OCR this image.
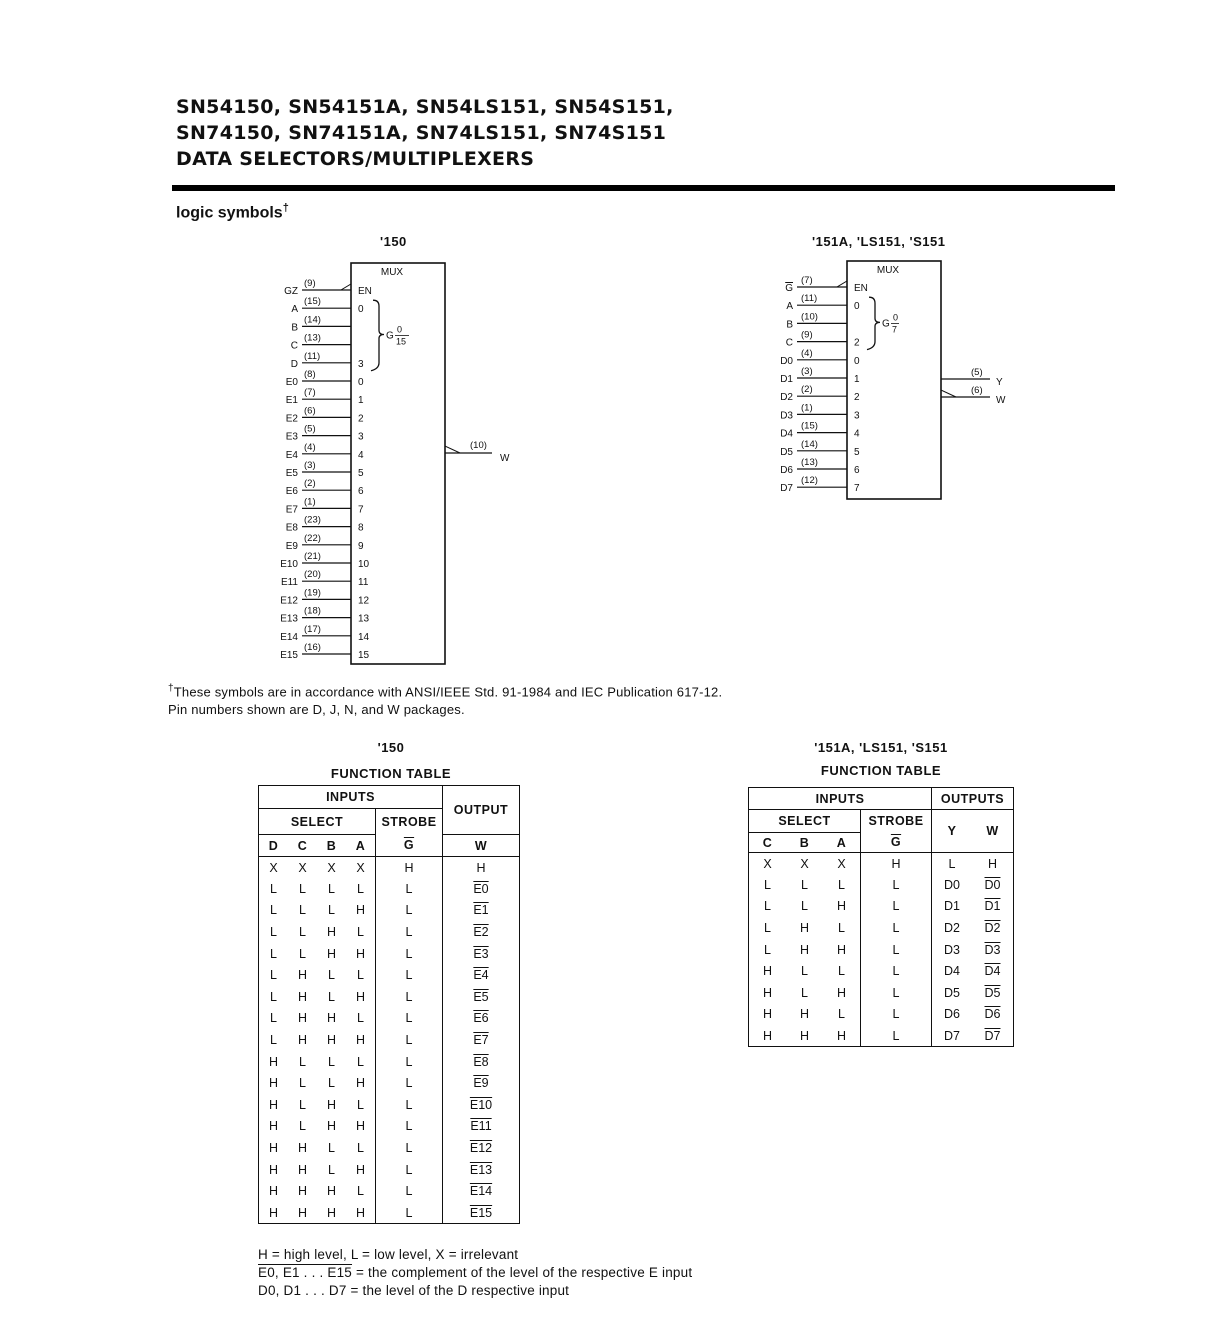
SN54150, SN54151A, SN54LS151, SN54S151,
SN74150, SN74151A, SN74LS151, SN74S151
DATA SELECTORS/MULTIPLEXERS
logic symbols†
'150	'151A, 'LS151, 'S151
MUX
GZ
(9)
EN
A
(15)
0
B
(14)
C
(13)
D
(11)
3
E0
(8)
0
E1
(7)
1
E2
(6)
2
E3
(5)
3
E4
(4)
4
E5
(3)
5
E6
(2)
6
E7
(1)
7
E8
(23)
8
E9
(22)
9
E10
(21)
10
E11
(20)
11
E12
(19)
12
E13
(18)
13
E14
(17)
14
E15
(16)
15
G
0
15
(10)
W
MUX
G
(7)
EN
A
(11)
0
B
(10)
C
(9)
2
D0
(4)
0
D1
(3)
1
D2
(2)
2
D3
(1)
3
D4
(15)
4
D5
(14)
5
D6
(13)
6
D7
(12)
7
G
0
7
(5)
Y
(6)
W
†These symbols are in accordance with ANSI/IEEE Std. 91-1984 and IEC Publication 617-12.
Pin numbers shown are D, J, N, and W packages.
'150
FUNCTION TABLE
INPUTS					OUTPUT
SELECT				STROBE	
D	C	B	A	$\overline{G}$	W
X	X	X	X	H	H
L	L	L	L	L	E0
L	L	L	H	L	E1
L	L	H	L	L	E2
L	L	H	H	L	E3
L	H	L	L	L	E4
L	H	L	H	L	E5
L	H	H	L	L	E6
L	H	H	H	L	E7
H	L	L	L	L	E8
H	L	L	H	L	E9
H	L	H	L	L	E10
H	L	H	H	L	E11
H	H	L	L	L	E12
H	H	L	H	L	E13
H	H	H	L	L	E14
H	H	H	H	L	E15
'151A, 'LS151, 'S151
FUNCTION TABLE
INPUTS				OUTPUTS	
SELECT			STROBE	Y	W
C	B	A	$\overline{G}$
X	X	X	H	L	H
L	L	L	L	D0	D0
L	L	H	L	D1	D1
L	H	L	L	D2	D2
L	H	H	L	D3	D3
H	L	L	L	D4	D4
H	L	H	L	D5	D5
H	H	L	L	D6	D6
H	H	H	L	D7	D7
H = high level, L = low level, X = irrelevant
E0, E1 . . . E15 = the complement of the level of the respective E input
D0, D1 . . . D7 = the level of the D respective input
